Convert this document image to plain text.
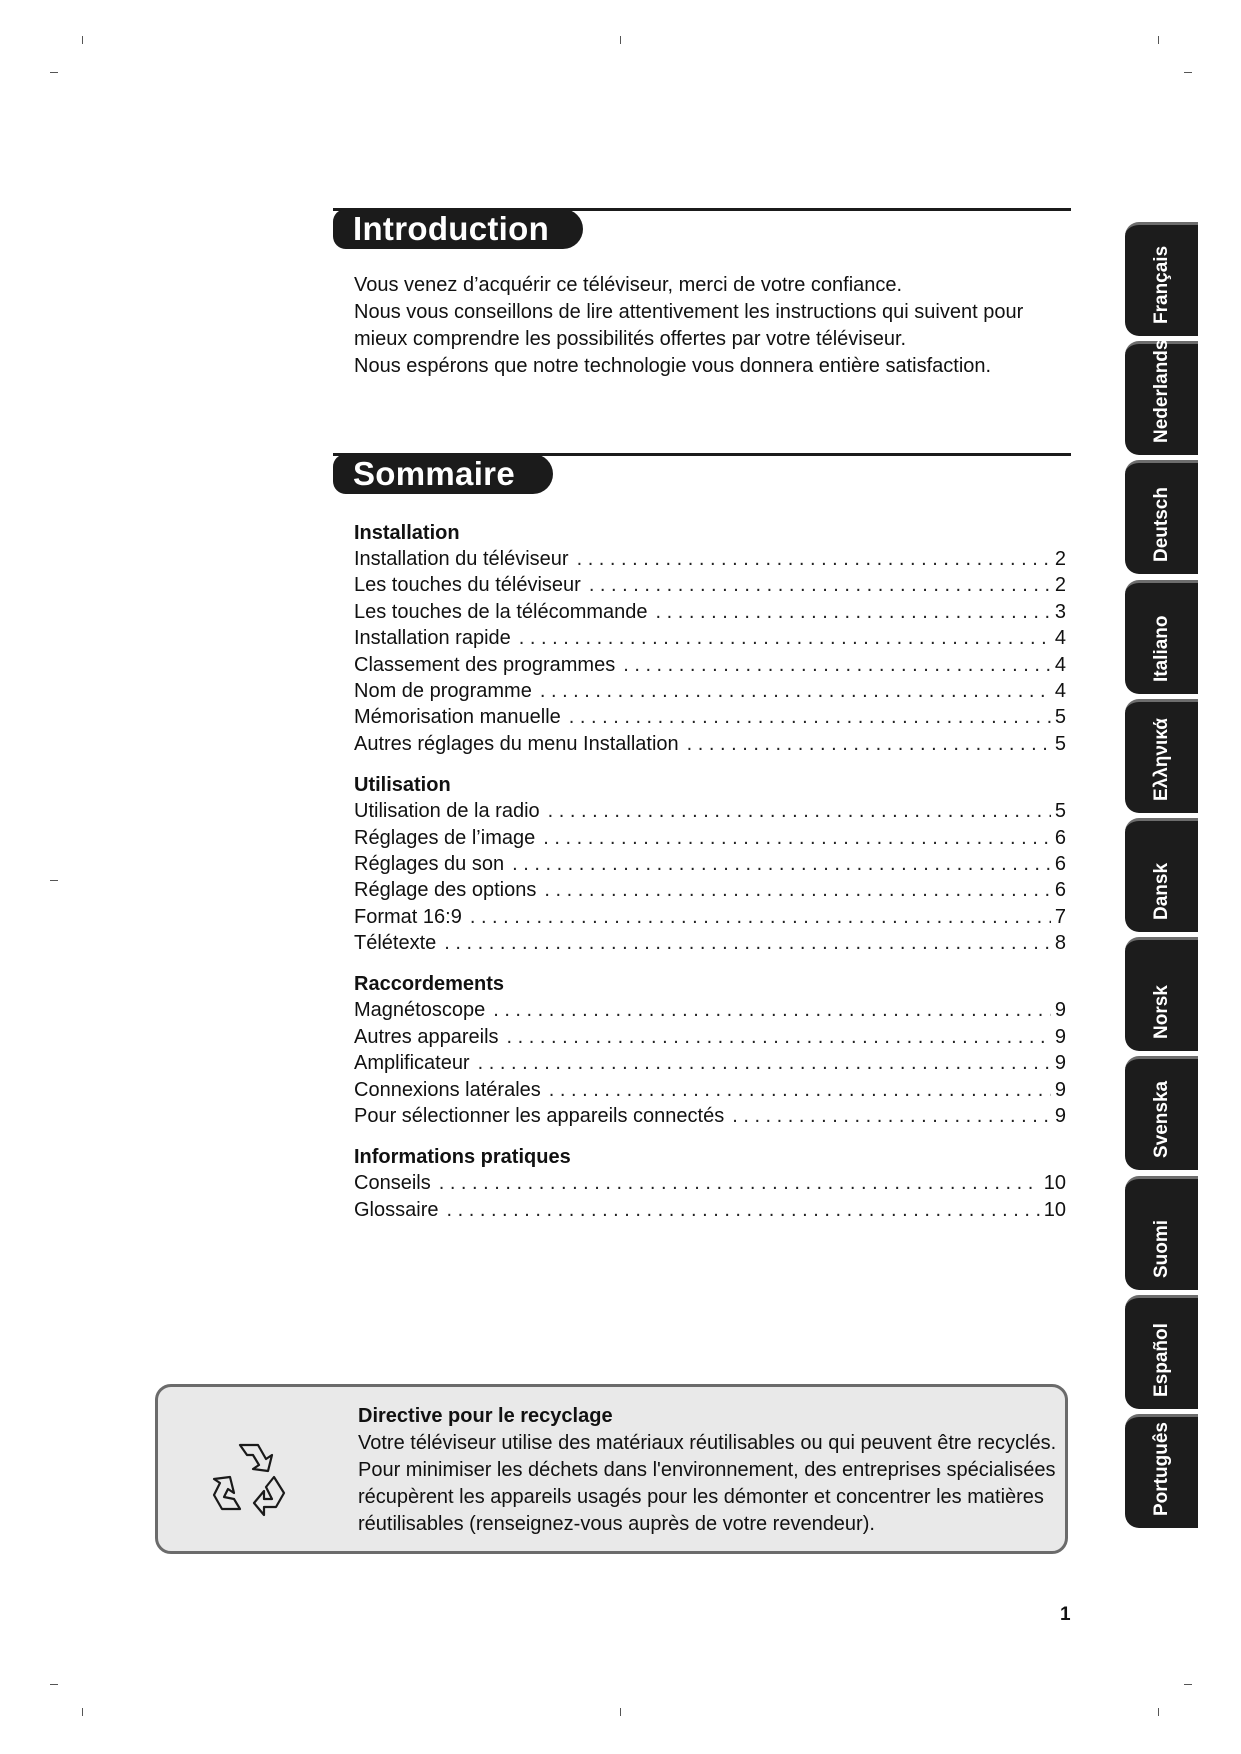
Introduction

Vous venez d’acquérir ce téléviseur, merci de votre confiance.

Nous vous conseillons de lire attentivement les instructions qui suivent pour mieux comprendre les possibilités offertes par votre téléviseur.

Nous espérons que notre technologie vous donnera entière satisfaction.

Sommaire
Installation
Installation du téléviseur . . .	2
Les touches du téléviseur . . .	2
Les touches de la télécommande . . .	3
Installation rapide . . .	4
Classement des programmes . . .	4
Nom de programme . . .	4
Mémorisation manuelle . . .	5
Autres réglages du menu Installation . . .	5
Utilisation
Utilisation de la radio . . .	5
Réglages de l’image . . .	6
Réglages du son . . .	6
Réglage des options . . .	6
Format 16:9 . . .	7
Télétexte . . .	8
Raccordements
Magnétoscope . . .	9
Autres appareils . . .	9
Amplificateur . . .	9
Connexions latérales . . .	9
Pour sélectionner les appareils connectés . . .	9
Informations pratiques
Conseils . . .	10
Glossaire . . .	10
Directive pour le recyclage
Votre téléviseur utilise des matériaux réutilisables ou qui peuvent être recyclés.
Pour minimiser les déchets dans l'environnement, des entreprises spécialisées
récupèrent les appareils usagés pour les démonter et concentrer les matières
réutilisables (renseignez-vous auprès de votre revendeur).
Français
Nederlands
Deutsch
Italiano
Ελληνικά
Dansk
Norsk
Svenska
Suomi
Español
Português
1
